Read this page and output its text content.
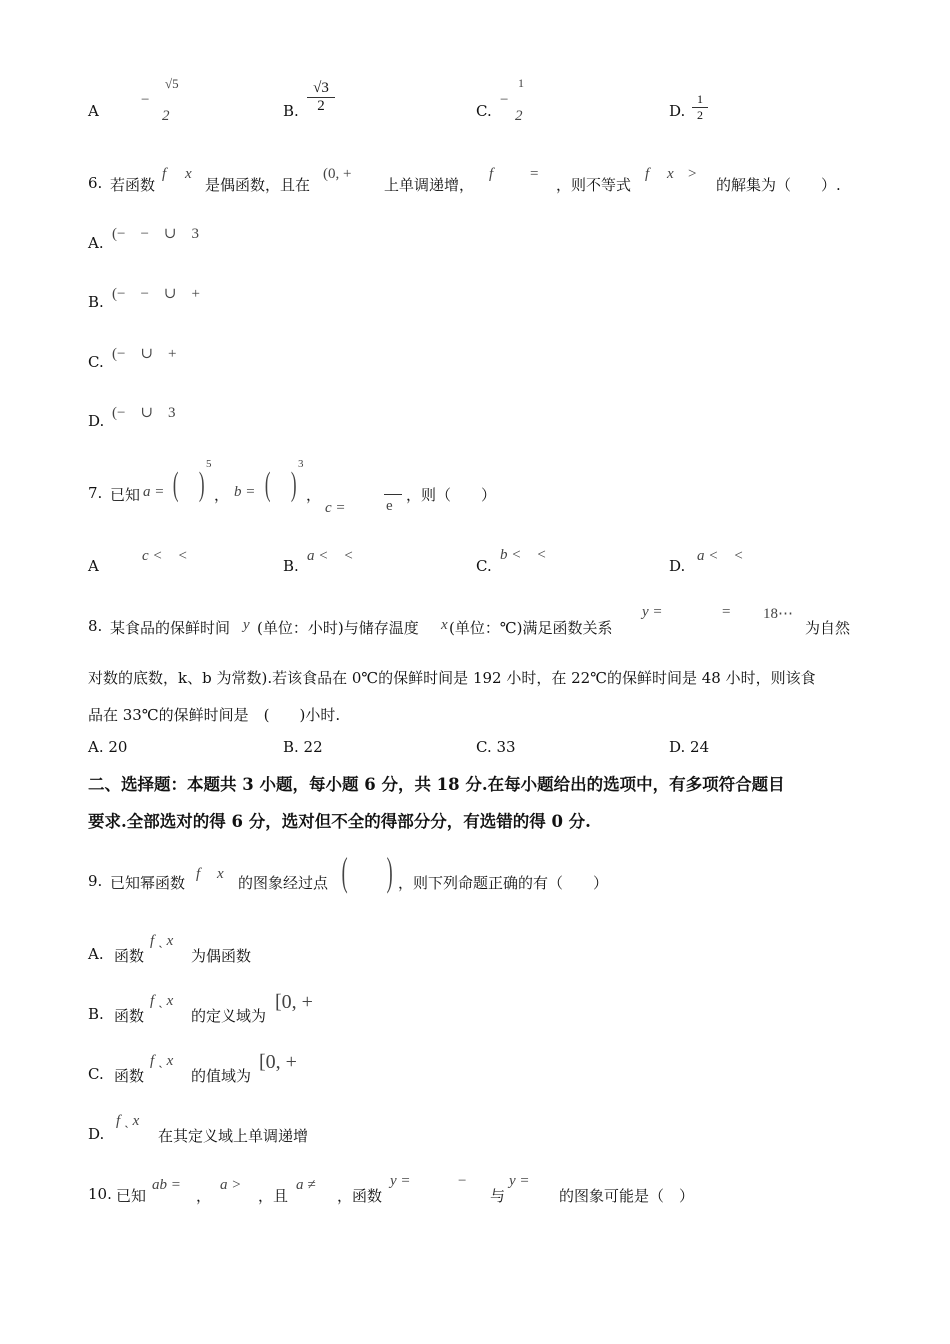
A
−
√5
2	B. $\frac{√3}{2}$	C.
−
1
2	D. $\frac{1}{2}$
6. 若函数
f x
是偶函数，且在
(0, +
上单调递增，
f =
，则不等式
f x >
的解集为（　　）.
A. (−　−　∪　3
B. (−　−　∪　+
C. (−　∪　+
D. (−　∪　3
7. 已知 a = ( )
5
， b = ( )
3
，
c =	e
，则（　　）
A
c <　<
B.
a <　<
C.
b <　<
D.
a <　<
8. 某食品的保鲜时间 y (单位：小时)与储存温度 x (单位：℃)满足函数关系
y =	= 18⋯
为自然
对数的底数，k、b 为常数).若该食品在 0℃的保鲜时间是 192 小时，在 22℃的保鲜时间是 48 小时，则该食
品在 33℃的保鲜时间是　(　　)小时.
A. 20	B. 22	C. 33	D. 24
二、选择题：本题共 3 小题，每小题 6 分，共 18 分.在每小题给出的选项中，有多项符合题目
要求.全部选对的得 6 分，选对但不全的得部分分，有选错的得 0 分.
9. 已知幂函数 f x 的图象经过点 ( ) ，则下列命题正确的有（　　）
A. 函数
f ˎ x
为偶函数
B. 函数
f ˎ x
的定义域为
[0, +
C. 函数
f ˎ x
的值域为
[0, +
D.
f ˎ x
在其定义域上单调递增
10. 已知
ab =
，
a >
，且
a ≠
，函数
y =	−
与
y =
的图象可能是（　）
